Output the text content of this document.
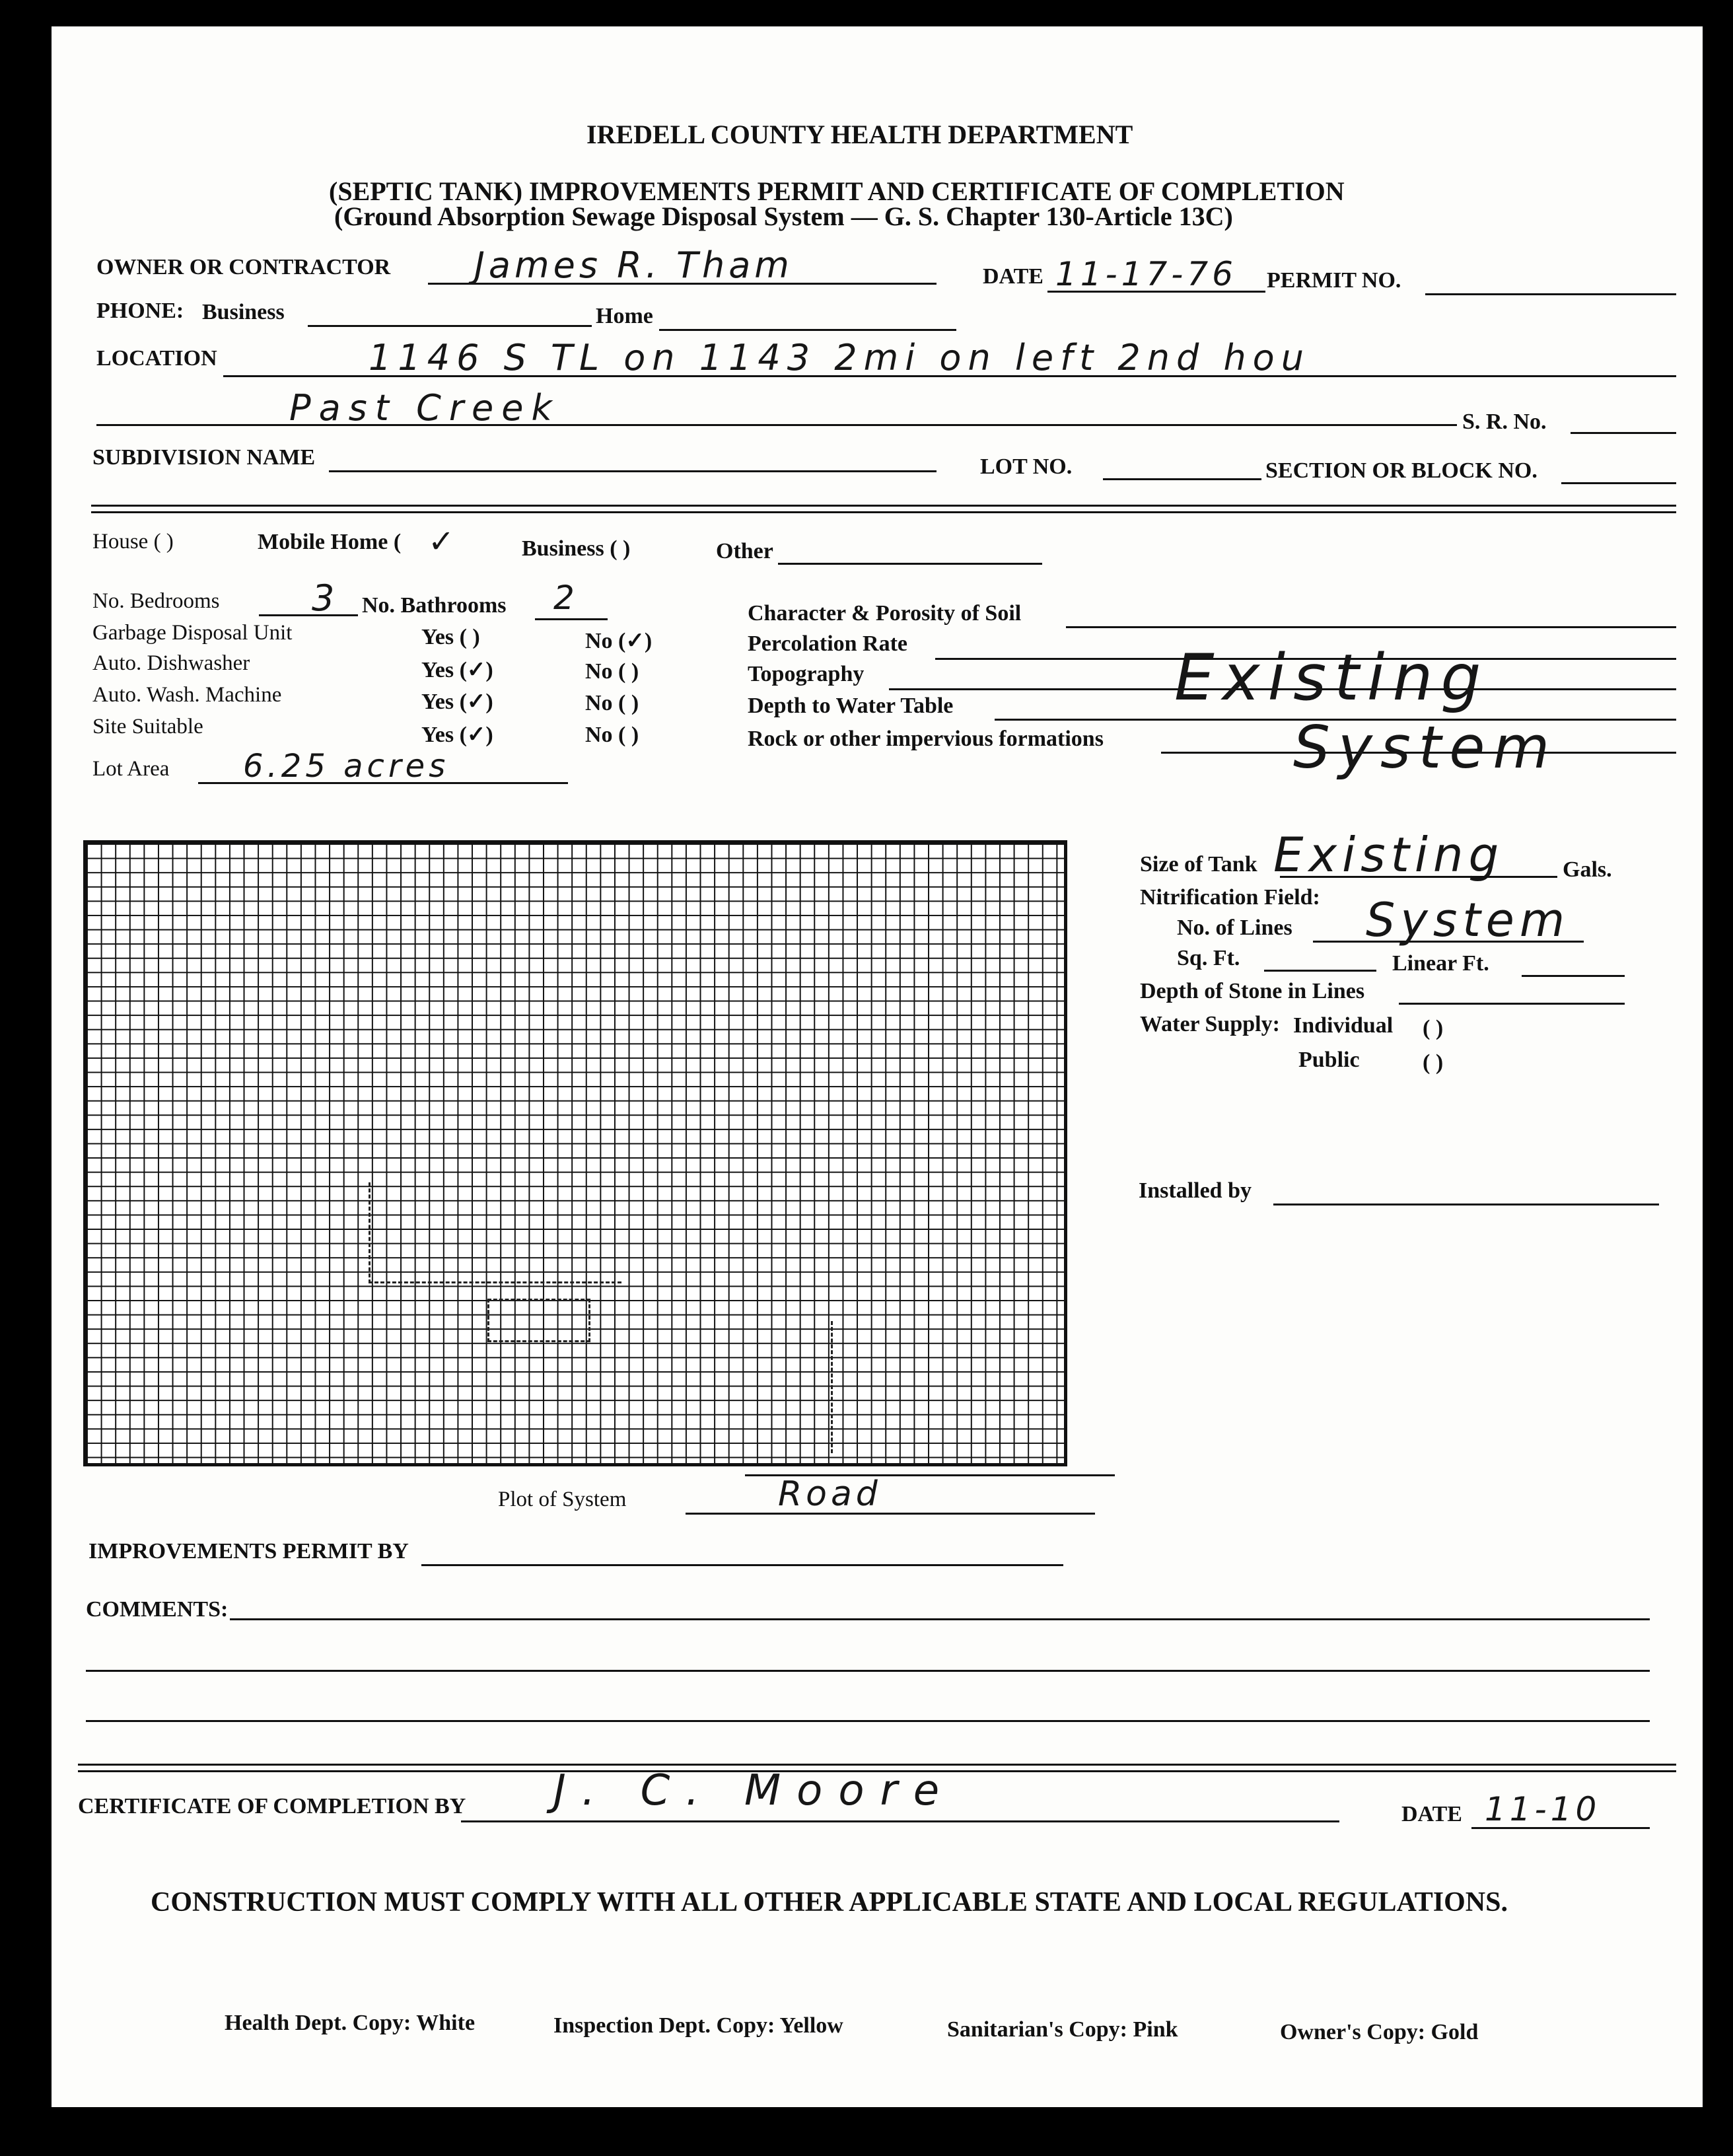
IREDELL COUNTY HEALTH DEPARTMENT
(SEPTIC TANK) IMPROVEMENTS PERMIT AND CERTIFICATE OF COMPLETION
(Ground Absorption Sewage Disposal System — G. S. Chapter 130-Article 13C)
OWNER OR CONTRACTOR James R. Tham	DATE 11-17-76 PERMIT NO.
PHONE: Business	Home
LOCATION	1146 S TL on 1143 2mi on left 2nd hou
Past Creek	S. R. No.
SUBDIVISION NAME	LOT NO.	SECTION OR BLOCK NO.
House ( )	Mobile Home ( ✓	Business ( )	Other
No. Bedrooms	3 No. Bathrooms 2
Garbage Disposal Unit	Yes ( )	No (✓)
Auto. Dishwasher	Yes (✓)	No ( )
Auto. Wash. Machine	Yes (✓)	No ( )
Site Suitable	Yes (✓)	No ( )
Lot Area 6.25 acres
Character & Porosity of Soil
Percolation Rate
Topography
Depth to Water Table
Rock or other impervious formations
Existing
System
Size of Tank Existing	Gals.
Nitrification Field:
No. of Lines System
Sq. Ft.	Linear Ft.
Depth of Stone in Lines
Water Supply: Individual ( )
Public	( )
Installed by
Plot of System	Road
IMPROVEMENTS PERMIT BY
COMMENTS:
CERTIFICATE OF COMPLETION BY J. C. Moore	DATE 11-10
CONSTRUCTION MUST COMPLY WITH ALL OTHER APPLICABLE STATE AND LOCAL REGULATIONS.
Health Dept. Copy: White	Inspection Dept. Copy: Yellow	Sanitarian's Copy: Pink	Owner's Copy: Gold
